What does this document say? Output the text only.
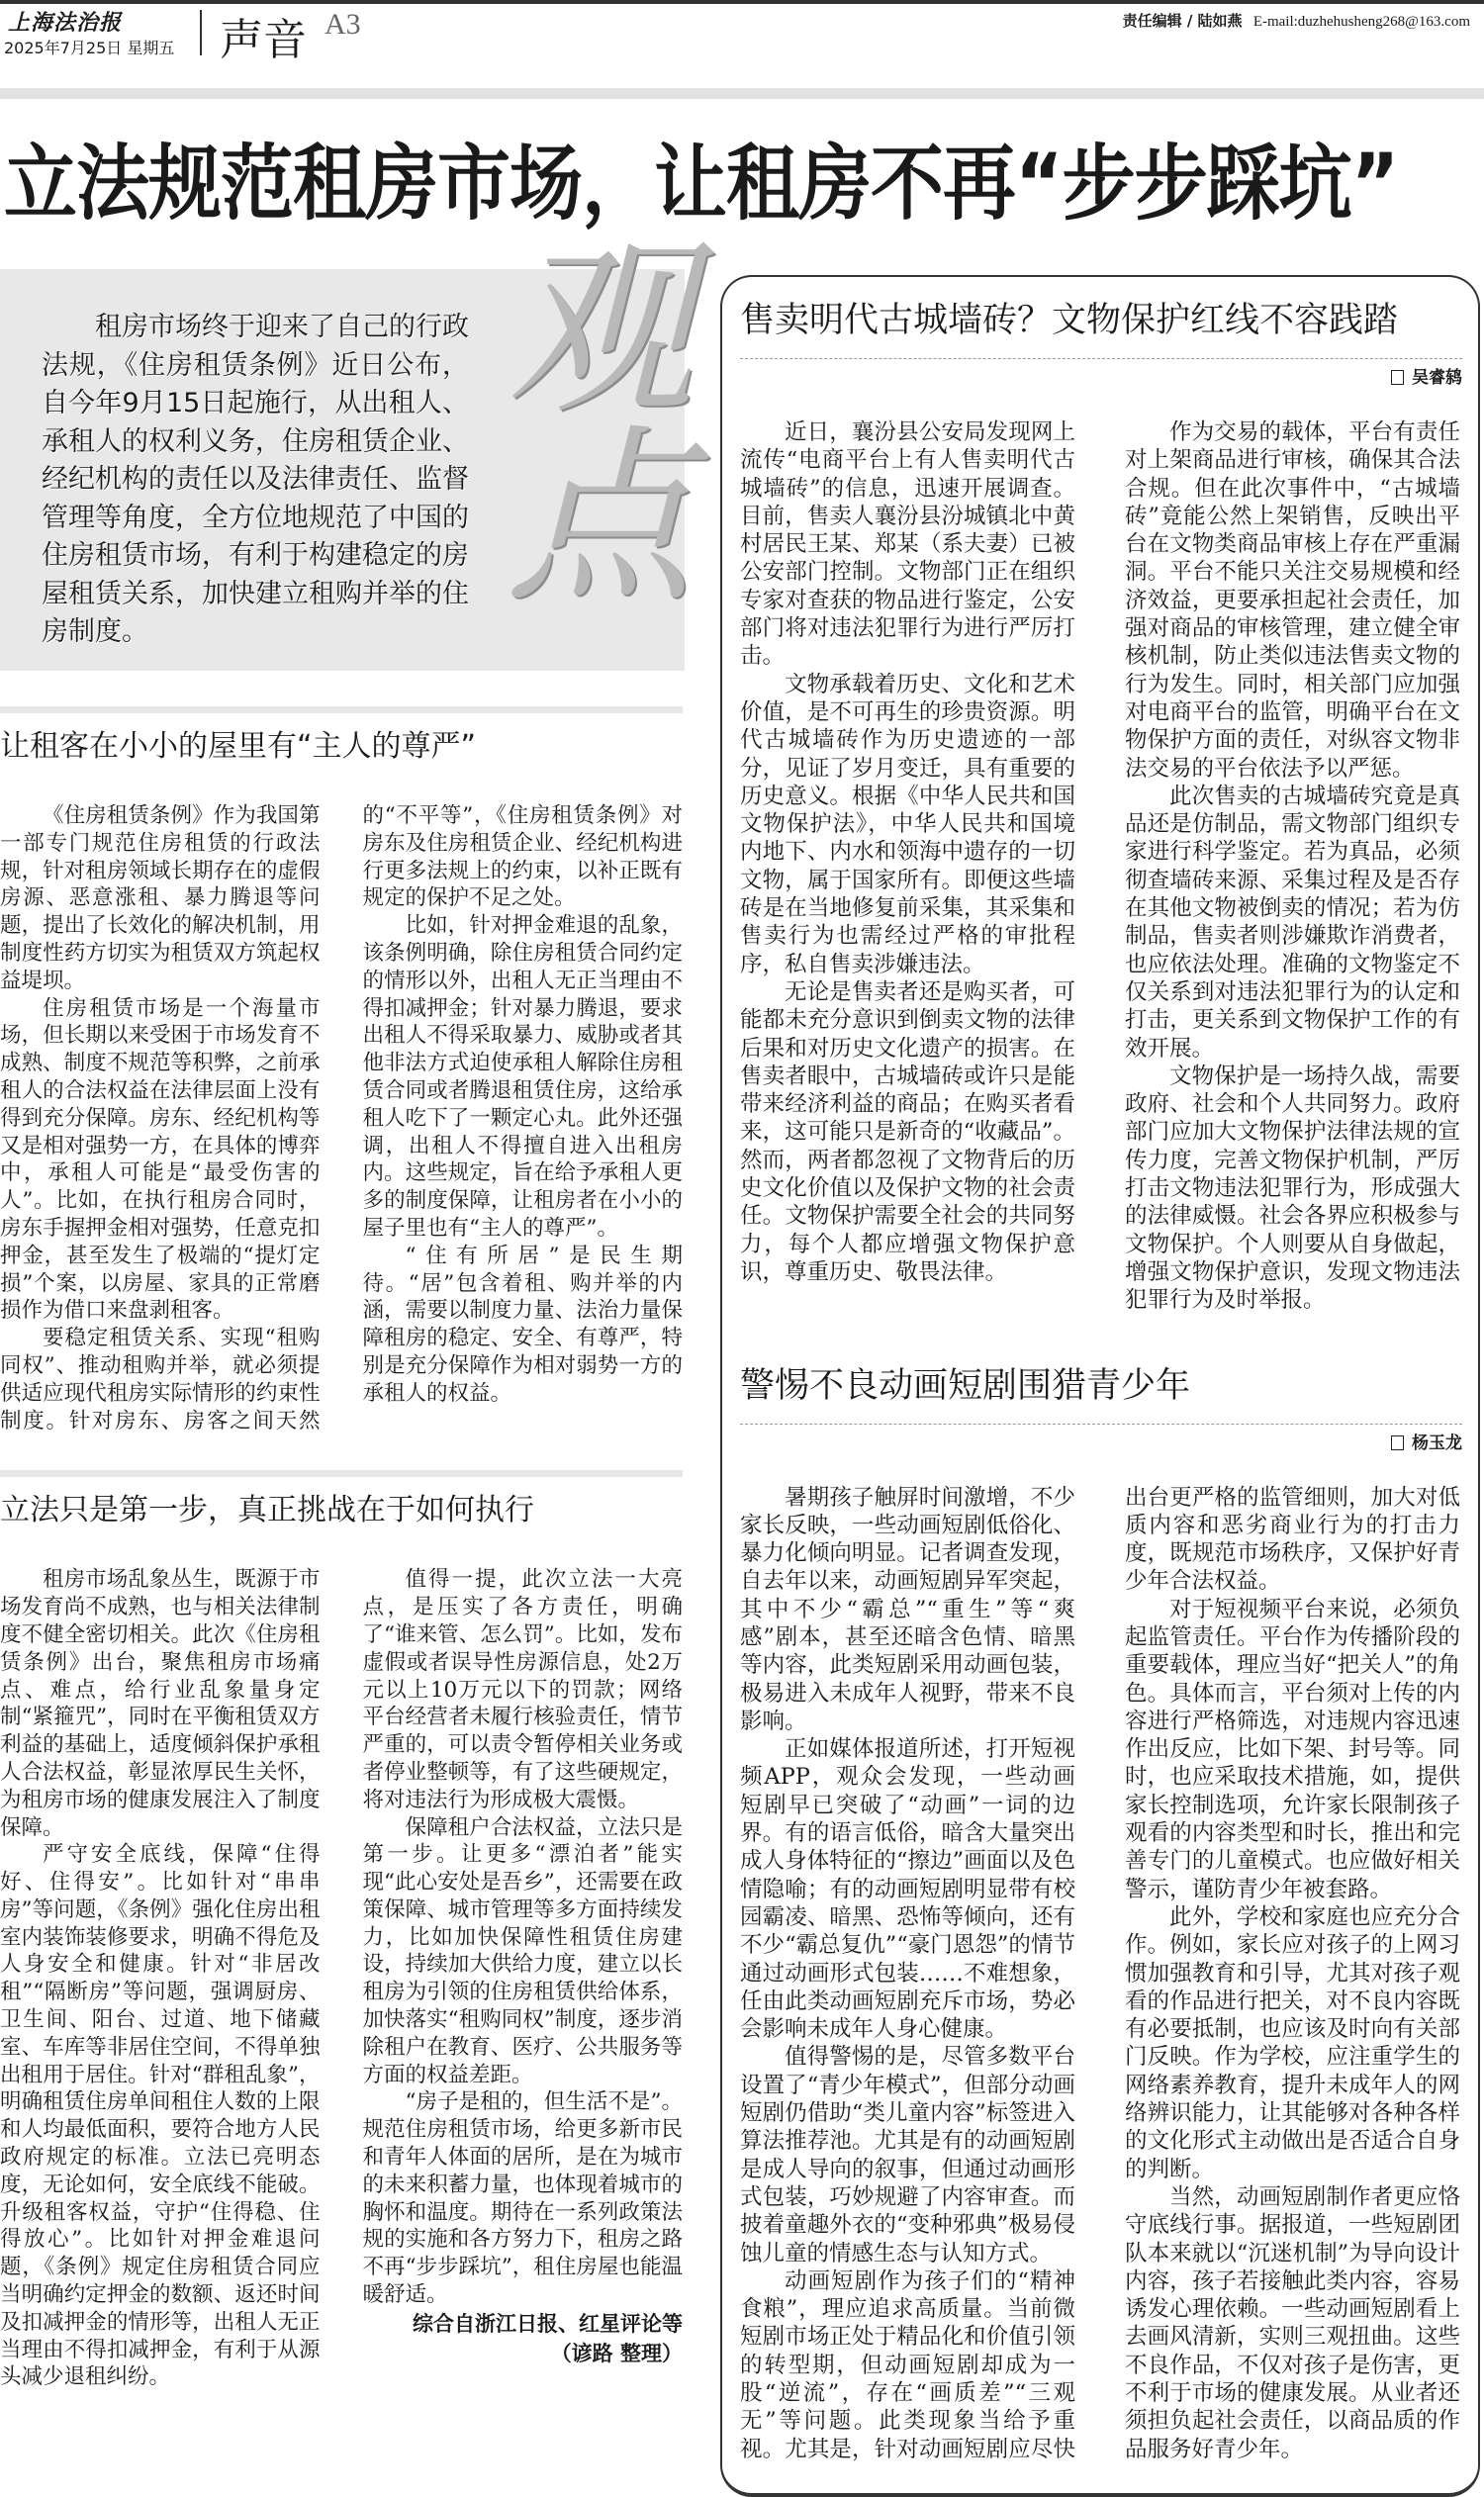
上海法治报
2025年7月25日 星期五 声音 A3	责任编辑 / 陆如燕 E-mail:duzhehusheng268@163.com
立法规范租房市场，让租房不再“步步踩坑”
租房市场终于迎来了自己的行政法规，《住房租赁条例》近日公布，自今年9月15日起施行，从出租人、承租人的权利义务，住房租赁企业、经纪机构的责任以及法律责任、监督管理等角度，全方位地规范了中国的住房租赁市场，有利于构建稳定的房屋租赁关系，加快建立租购并举的住房制度。
观点
让租客在小小的屋里有“主人的尊严”

《住房租赁条例》作为我国第一部专门规范住房租赁的行政法规，针对租房领域长期存在的虚假房源、恶意涨租、暴力腾退等问题，提出了长效化的解决机制，用制度性药方切实为租赁双方筑起权益堤坝。

住房租赁市场是一个海量市场，但长期以来受困于市场发育不成熟、制度不规范等积弊，之前承租人的合法权益在法律层面上没有得到充分保障。房东、经纪机构等又是相对强势一方，在具体的博弈中，承租人可能是“最受伤害的人”。比如，在执行租房合同时，房东手握押金相对强势，任意克扣押金，甚至发生了极端的“提灯定损”个案，以房屋、家具的正常磨损作为借口来盘剥租客。

要稳定租赁关系、实现“租购同权”、推动租购并举，就必须提供适应现代租房实际情形的约束性制度。针对房东、房客之间天然的“不平等”，《住房租赁条例》对房东及住房租赁企业、经纪机构进行更多法规上的约束，以补正既有规定的保护不足之处。

比如，针对押金难退的乱象，该条例明确，除住房租赁合同约定的情形以外，出租人无正当理由不得扣减押金；针对暴力腾退，要求出租人不得采取暴力、威胁或者其他非法方式迫使承租人解除住房租赁合同或者腾退租赁住房，这给承租人吃下了一颗定心丸。此外还强调，出租人不得擅自进入出租房内。这些规定，旨在给予承租人更多的制度保障，让租房者在小小的屋子里也有“主人的尊严”。

“住有所居”是民生期待。“居”包含着租、购并举的内涵，需要以制度力量、法治力量保障租房的稳定、安全、有尊严，特别是充分保障作为相对弱势一方的承租人的权益。

立法只是第一步，真正挑战在于如何执行

租房市场乱象丛生，既源于市场发育尚不成熟，也与相关法律制度不健全密切相关。此次《住房租赁条例》出台，聚焦租房市场痛点、难点，给行业乱象量身定制“紧箍咒”，同时在平衡租赁双方利益的基础上，适度倾斜保护承租人合法权益，彰显浓厚民生关怀，为租房市场的健康发展注入了制度保障。

严守安全底线，保障“住得好、住得安”。比如针对“串串房”等问题，《条例》强化住房出租室内装饰装修要求，明确不得危及人身安全和健康。针对“非居改租”“隔断房”等问题，强调厨房、卫生间、阳台、过道、地下储藏室、车库等非居住空间，不得单独出租用于居住。针对“群租乱象”，明确租赁住房单间租住人数的上限和人均最低面积，要符合地方人民政府规定的标准。立法已亮明态度，无论如何，安全底线不能破。升级租客权益，守护“住得稳、住得放心”。比如针对押金难退问题，《条例》规定住房租赁合同应当明确约定押金的数额、返还时间及扣减押金的情形等，出租人无正当理由不得扣减押金，有利于从源头减少退租纠纷。

值得一提，此次立法一大亮点，是压实了各方责任，明确了“谁来管、怎么罚”。比如，发布虚假或者误导性房源信息，处2万元以上10万元以下的罚款；网络平台经营者未履行核验责任，情节严重的，可以责令暂停相关业务或者停业整顿等，有了这些硬规定，将对违法行为形成极大震慑。

保障租户合法权益，立法只是第一步。让更多“漂泊者”能实现“此心安处是吾乡”，还需要在政策保障、城市管理等多方面持续发力，比如加快保障性租赁住房建设，持续加大供给力度，建立以长租房为引领的住房租赁供给体系，加快落实“租购同权”制度，逐步消除租户在教育、医疗、公共服务等方面的权益差距。

“房子是租的，但生活不是”。规范住房租赁市场，给更多新市民和青年人体面的居所，是在为城市的未来积蓄力量，也体现着城市的胸怀和温度。期待在一系列政策法规的实施和各方努力下，租房之路不再“步步踩坑”，租住房屋也能温暖舒适。

综合自浙江日报、红星评论等
（谚路 整理）
售卖明代古城墙砖？文物保护红线不容践踏
吴睿鸫

近日，襄汾县公安局发现网上流传“电商平台上有人售卖明代古城墙砖”的信息，迅速开展调查。目前，售卖人襄汾县汾城镇北中黄村居民王某、郑某（系夫妻）已被公安部门控制。文物部门正在组织专家对查获的物品进行鉴定，公安部门将对违法犯罪行为进行严厉打击。

文物承载着历史、文化和艺术价值，是不可再生的珍贵资源。明代古城墙砖作为历史遗迹的一部分，见证了岁月变迁，具有重要的历史意义。根据《中华人民共和国文物保护法》，中华人民共和国境内地下、内水和领海中遗存的一切文物，属于国家所有。即便这些墙砖是在当地修复前采集，其采集和售卖行为也需经过严格的审批程序，私自售卖涉嫌违法。

无论是售卖者还是购买者，可能都未充分意识到倒卖文物的法律后果和对历史文化遗产的损害。在售卖者眼中，古城墙砖或许只是能带来经济利益的商品；在购买者看来，这可能只是新奇的“收藏品”。然而，两者都忽视了文物背后的历史文化价值以及保护文物的社会责任。文物保护需要全社会的共同努力，每个人都应增强文物保护意识，尊重历史、敬畏法律。

作为交易的载体，平台有责任对上架商品进行审核，确保其合法合规。但在此次事件中，“古城墙砖”竟能公然上架销售，反映出平台在文物类商品审核上存在严重漏洞。平台不能只关注交易规模和经济效益，更要承担起社会责任，加强对商品的审核管理，建立健全审核机制，防止类似违法售卖文物的行为发生。同时，相关部门应加强对电商平台的监管，明确平台在文物保护方面的责任，对纵容文物非法交易的平台依法予以严惩。

此次售卖的古城墙砖究竟是真品还是仿制品，需文物部门组织专家进行科学鉴定。若为真品，必须彻查墙砖来源、采集过程及是否存在其他文物被倒卖的情况；若为仿制品，售卖者则涉嫌欺诈消费者，也应依法处理。准确的文物鉴定不仅关系到对违法犯罪行为的认定和打击，更关系到文物保护工作的有效开展。

文物保护是一场持久战，需要政府、社会和个人共同努力。政府部门应加大文物保护法律法规的宣传力度，完善文物保护机制，严厉打击文物违法犯罪行为，形成强大的法律威慑。社会各界应积极参与文物保护。个人则要从自身做起，增强文物保护意识，发现文物违法犯罪行为及时举报。

警惕不良动画短剧围猎青少年
杨玉龙

暑期孩子触屏时间激增，不少家长反映，一些动画短剧低俗化、暴力化倾向明显。记者调查发现，自去年以来，动画短剧异军突起，其中不少“霸总”“重生”等“爽感”剧本，甚至还暗含色情、暗黑等内容，此类短剧采用动画包装，极易进入未成年人视野，带来不良影响。

正如媒体报道所述，打开短视频APP，观众会发现，一些动画短剧早已突破了“动画”一词的边界。有的语言低俗，暗含大量突出成人身体特征的“擦边”画面以及色情隐喻；有的动画短剧明显带有校园霸凌、暗黑、恐怖等倾向，还有不少“霸总复仇”“豪门恩怨”的情节通过动画形式包装……不难想象，任由此类动画短剧充斥市场，势必会影响未成年人身心健康。

值得警惕的是，尽管多数平台设置了“青少年模式”，但部分动画短剧仍借助“类儿童内容”标签进入算法推荐池。尤其是有的动画短剧是成人导向的叙事，但通过动画形式包装，巧妙规避了内容审查。而披着童趣外衣的“变种邪典”极易侵蚀儿童的情感生态与认知方式。

动画短剧作为孩子们的“精神食粮”，理应追求高质量。当前微短剧市场正处于精品化和价值引领的转型期，但动画短剧却成为一股“逆流”，存在“画质差”“三观无”等问题。此类现象当给予重视。尤其是，针对动画短剧应尽快出台更严格的监管细则，加大对低质内容和恶劣商业行为的打击力度，既规范市场秩序，又保护好青少年合法权益。

对于短视频平台来说，必须负起监管责任。平台作为传播阶段的重要载体，理应当好“把关人”的角色。具体而言，平台须对上传的内容进行严格筛选，对违规内容迅速作出反应，比如下架、封号等。同时，也应采取技术措施，如，提供家长控制选项，允许家长限制孩子观看的内容类型和时长，推出和完善专门的儿童模式。也应做好相关警示，谨防青少年被套路。

此外，学校和家庭也应充分合作。例如，家长应对孩子的上网习惯加强教育和引导，尤其对孩子观看的作品进行把关，对不良内容既有必要抵制，也应该及时向有关部门反映。作为学校，应注重学生的网络素养教育，提升未成年人的网络辨识能力，让其能够对各种各样的文化形式主动做出是否适合自身的判断。

当然，动画短剧制作者更应恪守底线行事。据报道，一些短剧团队本来就以“沉迷机制”为导向设计内容，孩子若接触此类内容，容易诱发心理依赖。一些动画短剧看上去画风清新，实则三观扭曲。这些不良作品，不仅对孩子是伤害，更不利于市场的健康发展。从业者还须担负起社会责任，以商品质的作品服务好青少年。
